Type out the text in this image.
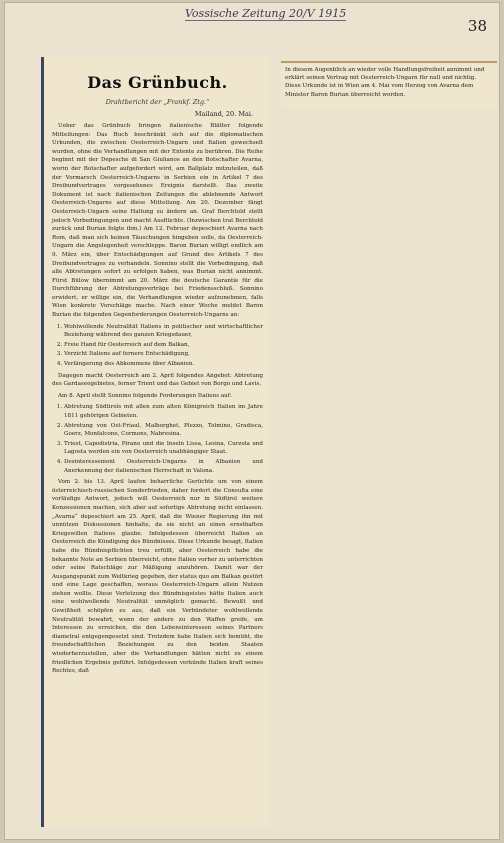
Vossische Zeitung 20/V 1915
38
Das Grünbuch.
Drahtbericht der „Frankf. Ztg.“
Mailand, 20. Mai.

Ueber das Grünbuch bringen italienische Blätter folgende Mitteilungen: Das Buch beschränkt sich auf die diplomatischen Urkunden, die zwischen Oesterreich-Ungarn und Italien gewechselt wurden, ohne die Verhandlungen mit der Entente zu berühren. Die Reihe beginnt mit der Depesche di San Giulianos an den Botschafter Avarna, worin der Botschafter aufgefordert wird, am Ballplatz mitzuteilen, daß der Vormarsch Oesterreich-Ungarns in Serbien ein in Artikel 7 des Dreibundvertrages vorgesehenes Ereignis darstellt. Das zweite Dokument ist nach italienischen Zeitungen die ablehnende Antwort Oesterreich-Ungarns auf diese Mitteilung. Am 20. Dezember fängt Oesterreich-Ungarn seine Haltung zu ändern an. Graf Berchtold stellt jedoch Vorbedingungen und macht Ausflüchte. (Inzwischen trat Berchtold zurück und Burian folgte ihm.) Am 12. Februar depeschiert Avarna nach Rom, daß man sich keinen Täuschungen hingeben solle, da Oesterreich-Ungarn die Angelegenheit verschleppe. Baron Burian willigt endlich am 9. März ein, über Entschädigungen auf Grund des Artikels 7 des Dreibundvertrages zu verhandeln. Sonnino stellt die Vorbedingung, daß alle Abtretungen sofort zu erfolgen haben, was Burian nicht annimmt. Fürst Bülow übernimmt am 20. März die deutsche Garantie für die Durchführung der Abtretungsverträge bei Friedensschluß. Sonnino erwidert, er willige ein, die Verhandlungen wieder aufzunehmen, falls Wien konkrete Vorschläge mache. Nach einer Woche meldet Baron Burian die folgenden Gegenforderungen Oesterreich-Ungarns an:

1. Wohlwollende Neutralität Italiens in politischer und wirtschaftlicher Beziehung während des ganzen Kriegsdauer,
2. Freie Hand für Oesterreich auf dem Balkan,
3. Verzicht Italiens auf fernere Entschädigung,
4. Verlängerung des Abkommens über Albanien.

Dagegen macht Oesterreich am 2. April folgendes Angebot: Abtretung des Gardaseegebietes, ferner Trient und das Gebiet von Borgo und Lavis.

Am 8. April stellt Sonnino folgende Forderungen Italiens auf:

1. Abtretung Südtirols mit allen zum alten Königreich Italien im Jahre 1811 gehörigen Gebieten.
2. Abtretung von Ost-Friaul, Malborghet, Plezzo, Tolmino, Gradisca, Goerz, Monfalcone, Cormons, Nabresina.
3. Triest, Capodistria, Pirano und die Inseln Lissa, Lesina, Curzola und Lagosta werden ein von Oesterreich unabhängiger Staat.
4. Desinteressement Oesterreich-Ungarns in Albanien und Anerkennung der italienischen Herrschaft in Valona.

Vom 2. bis 13. April laufen beharrliche Gerüchte um von einem österreichisch-russischen Sonderfrieden, daher fordert die Consulta eine vorläufige Antwort, jedoch will Oesterreich nur in Südtirol weitere Konzessionen machen, sich aber auf sofortige Abtretung nicht einlassen. „Avarna“ depeschiert am 25. April, daß die Wiener Regierung ihn mit unnützen Diskussionen hinhalte, da sie nicht an einen ernsthaften Kriegswillen Italiens glaube. Infolgedessen überreicht Italien an Oesterreich die Kündigung des Bündnisses. Diese Urkunde besagt, Italien habe die Bündnispflichten treu erfüllt, aber Oesterreich habe die bekannte Note an Serbien überreicht, ohne Italien vorher zu unterrichten oder seine Ratschläge zur Mäßigung anzuhören. Damit war der Ausgangspunkt zum Weltkrieg gegeben, der status quo am Balkan gestört und eine Lage geschaffen, woraus Oesterreich-Ungarn allein Nutzen ziehen wollte. Diese Verletzung des Bündnisgeistes hätte Italien auch eine wohlwollende Neutralität unmöglich gemacht. Bewußt und Gewißheit schöpfen es aus, daß ein Verbündeter wohlwollende Neutralität bewahrt, wenn der andere zu den Waffen greife, um Interessen zu erreichen, die den Lebensinteressen seines Partners diametral entgegengesetzt sind. Trotzdem habe Italien sich bemüht, die freundschaftlichen Beziehungen zu den beiden Staaten wiederherzustellen, aber die Verhandlungen hätten nicht zu einem friedlichen Ergebnis geführt. Infolgedessen verkünde Italien kraft seines Rechtes, daß

In diesem Augenblick an wieder volle Handlungsfreiheit annimmt und erklärt seinen Vertrag mit Oesterreich-Ungarn für null und nichtig. Diese Urkunde ist in Wien am 4. Mai vom Herzog von Avarna dem Minister Baron Burian überreicht worden.
